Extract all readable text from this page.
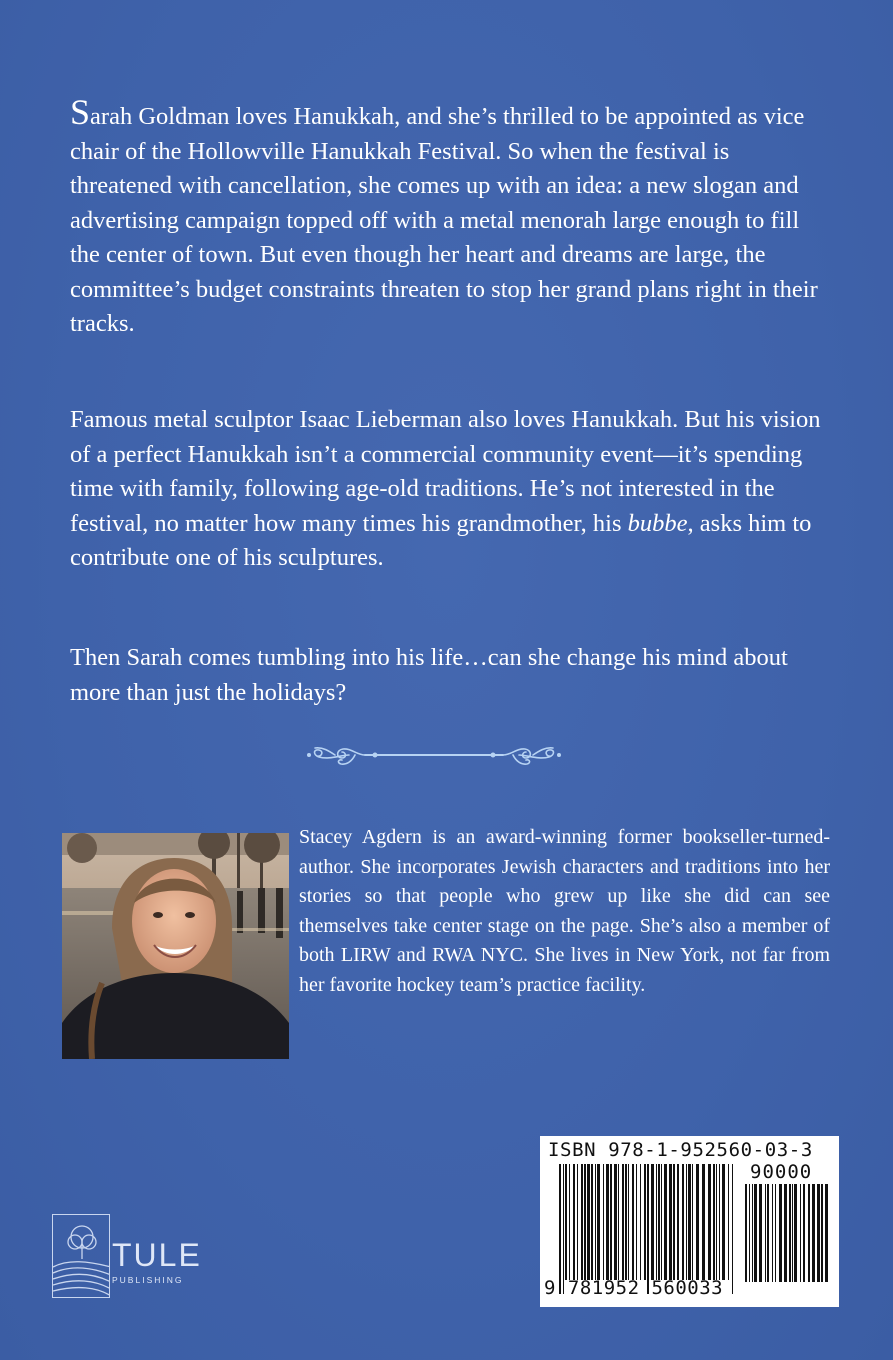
Sarah Goldman loves Hanukkah, and she’s thrilled to be appointed as vice chair of the Hollowville Hanukkah Festival. So when the festival is threatened with cancellation, she comes up with an idea: a new slogan and advertising campaign topped off with a metal menorah large enough to fill the center of town. But even though her heart and dreams are large, the committee’s budget constraints threaten to stop her grand plans right in their tracks.

Famous metal sculptor Isaac Lieberman also loves Hanukkah. But his vision of a perfect Hanukkah isn’t a commercial community event—it’s spending time with family, following age-old traditions. He’s not interested in the festival, no matter how many times his grandmother, his bubbe, asks him to contribute one of his sculptures.

Then Sarah comes tumbling into his life…can she change his mind about more than just the holidays?

Stacey Agdern is an award-winning former bookseller-turned-author. She incorporates Jewish characters and traditions into her stories so that people who grew up like she did can see themselves take center stage on the page. She’s also a member of both LIRW and RWA NYC. She lives in New York, not far from her favorite hockey team’s practice facility.

TULE
PUBLISHING
ISBN 978-1-952560-03-3
90000
9 781952 560033
